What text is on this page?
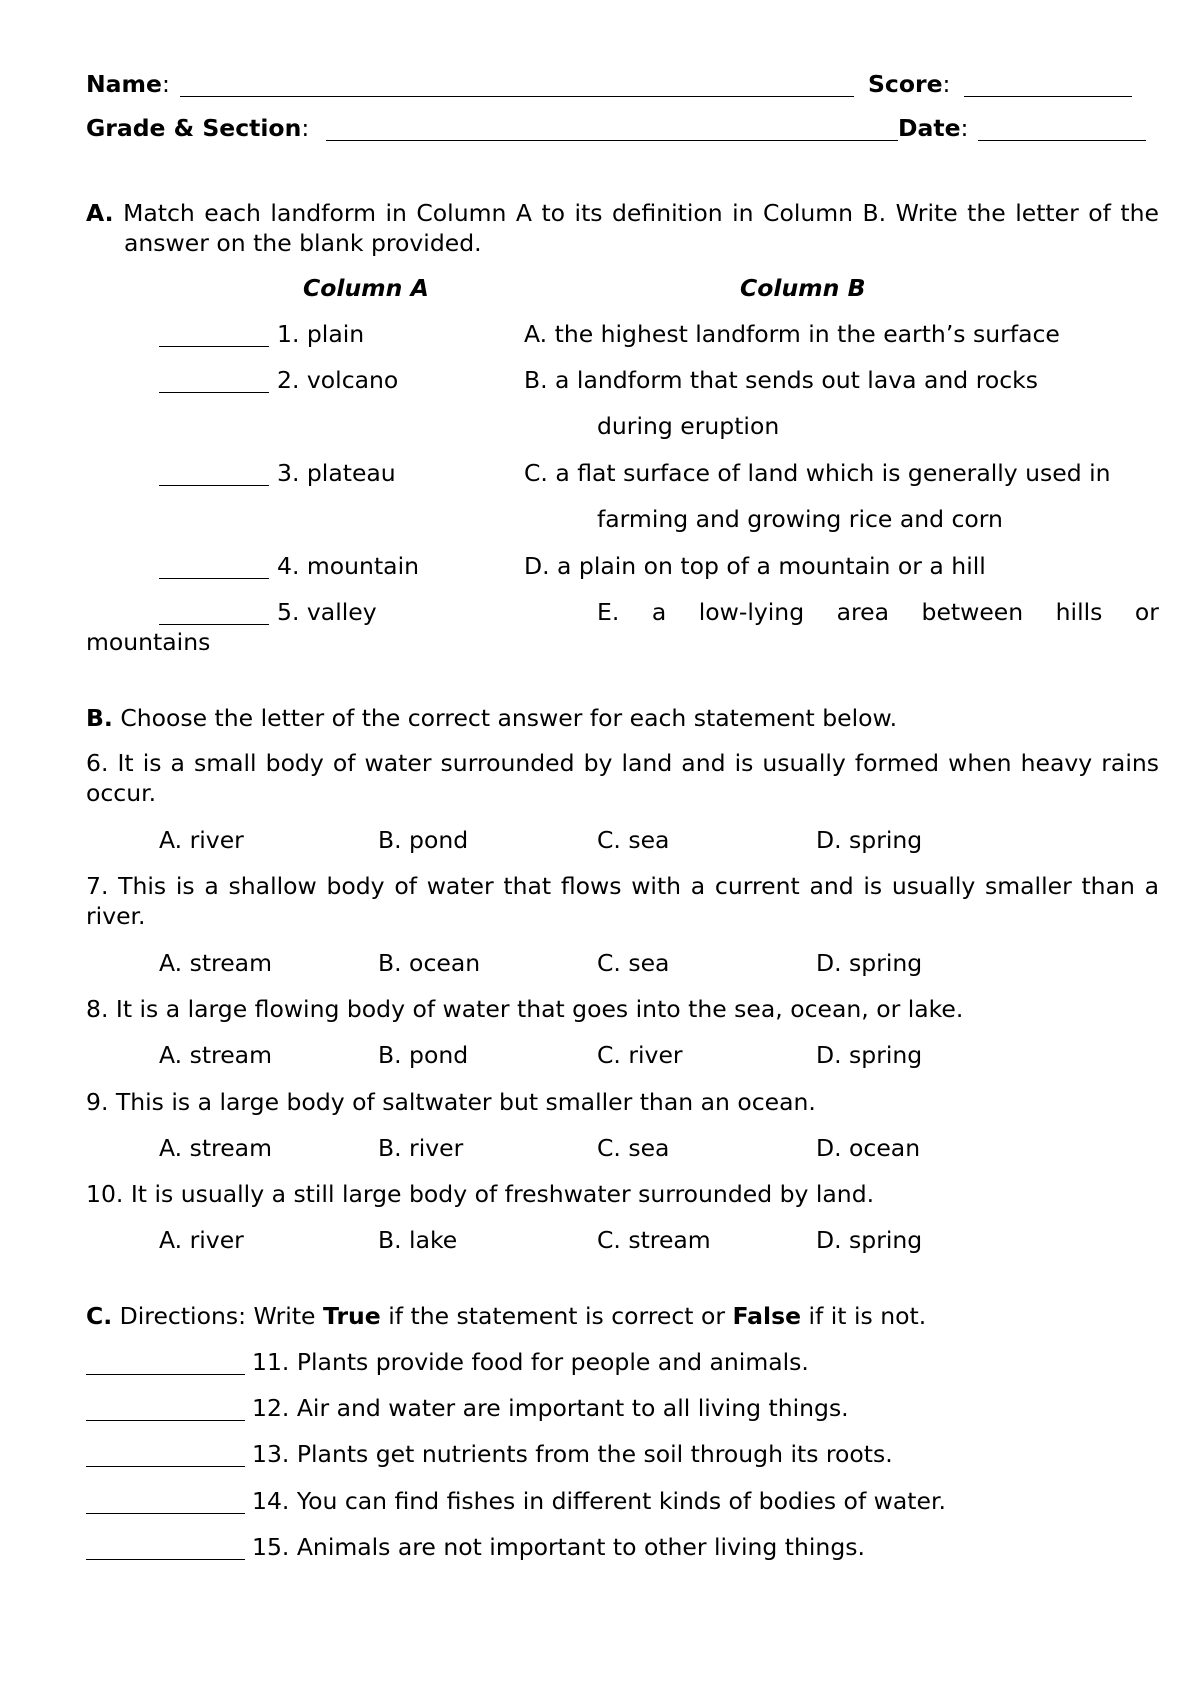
Name:	Score:
Grade & Section:	Date:
A. Match each landform in Column A to its definition in Column B. Write the letter of the answer on the blank provided.
Column A	Column B
1. plain	A. the highest landform in the earth’s surface
2. volcano	B. a landform that sends out lava and rocks
during eruption
3. plateau	C. a flat surface of land which is generally used in
farming and growing rice and corn
4. mountain	D. a plain on top of a mountain or a hill
5. valley	E. a low-lying area between hills or
mountains
B. Choose the letter of the correct answer for each statement below.
6. It is a small body of water surrounded by land and is usually formed when heavy rains occur.
A. river	B. pond	C. sea	D. spring
7. This is a shallow body of water that flows with a current and is usually smaller than a river.
A. stream	B. ocean	C. sea	D. spring
8. It is a large flowing body of water that goes into the sea, ocean, or lake.
A. stream	B. pond	C. river	D. spring
9. This is a large body of saltwater but smaller than an ocean.
A. stream	B. river	C. sea	D. ocean
10. It is usually a still large body of freshwater surrounded by land.
A. river	B. lake	C. stream	D. spring
C. Directions: Write True if the statement is correct or False if it is not.
11. Plants provide food for people and animals.
12. Air and water are important to all living things.
13. Plants get nutrients from the soil through its roots.
14. You can find fishes in different kinds of bodies of water.
15. Animals are not important to other living things.
